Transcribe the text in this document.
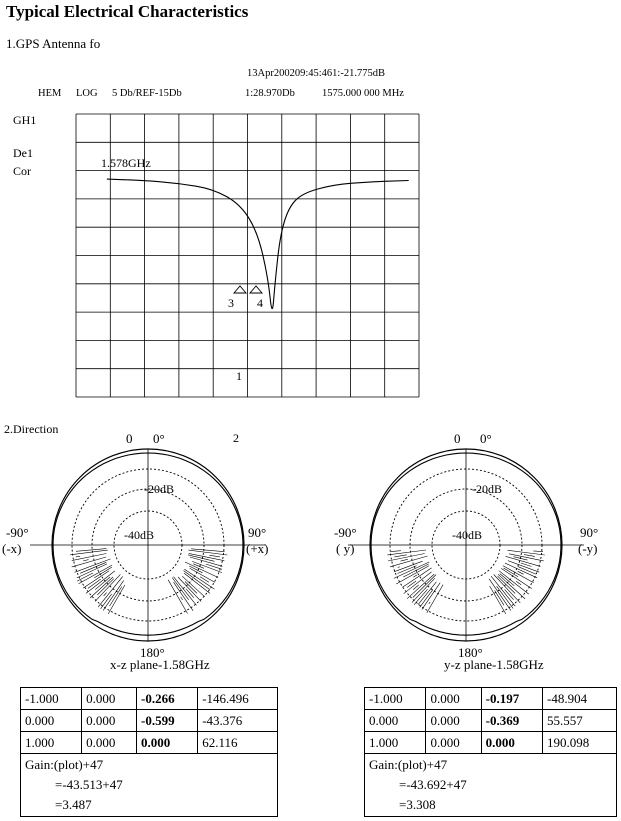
Typical Electrical Characteristics
1.GPS Antenna fo
13Apr200209:45:461:-21.775dB
HEM LOG 5 Db/REF-15Db	1:28.970Db	1575.000 000 MHz
GH1
De1
Cor
1.578GHz
3 4
1
2.Direction
2
0 0°
-90°
(-x)
90°
(+x)
180°
-20dB
-40dB
x-z plane-1.58GHz
0 0°
-90°
( y)
90°
(-y)
180°
-20dB
-40dB
y-z plane-1.58GHz
-1.000	0.000	-0.266	-146.496
0.000	0.000	-0.599	-43.376
1.000	0.000	0.000	62.116

Gain:(plot)+47
=-43.513+47
=3.487			
-1.000	0.000	-0.197	-48.904
0.000	0.000	-0.369	55.557
1.000	0.000	0.000	190.098

Gain:(plot)+47
=-43.692+47
=3.308			
